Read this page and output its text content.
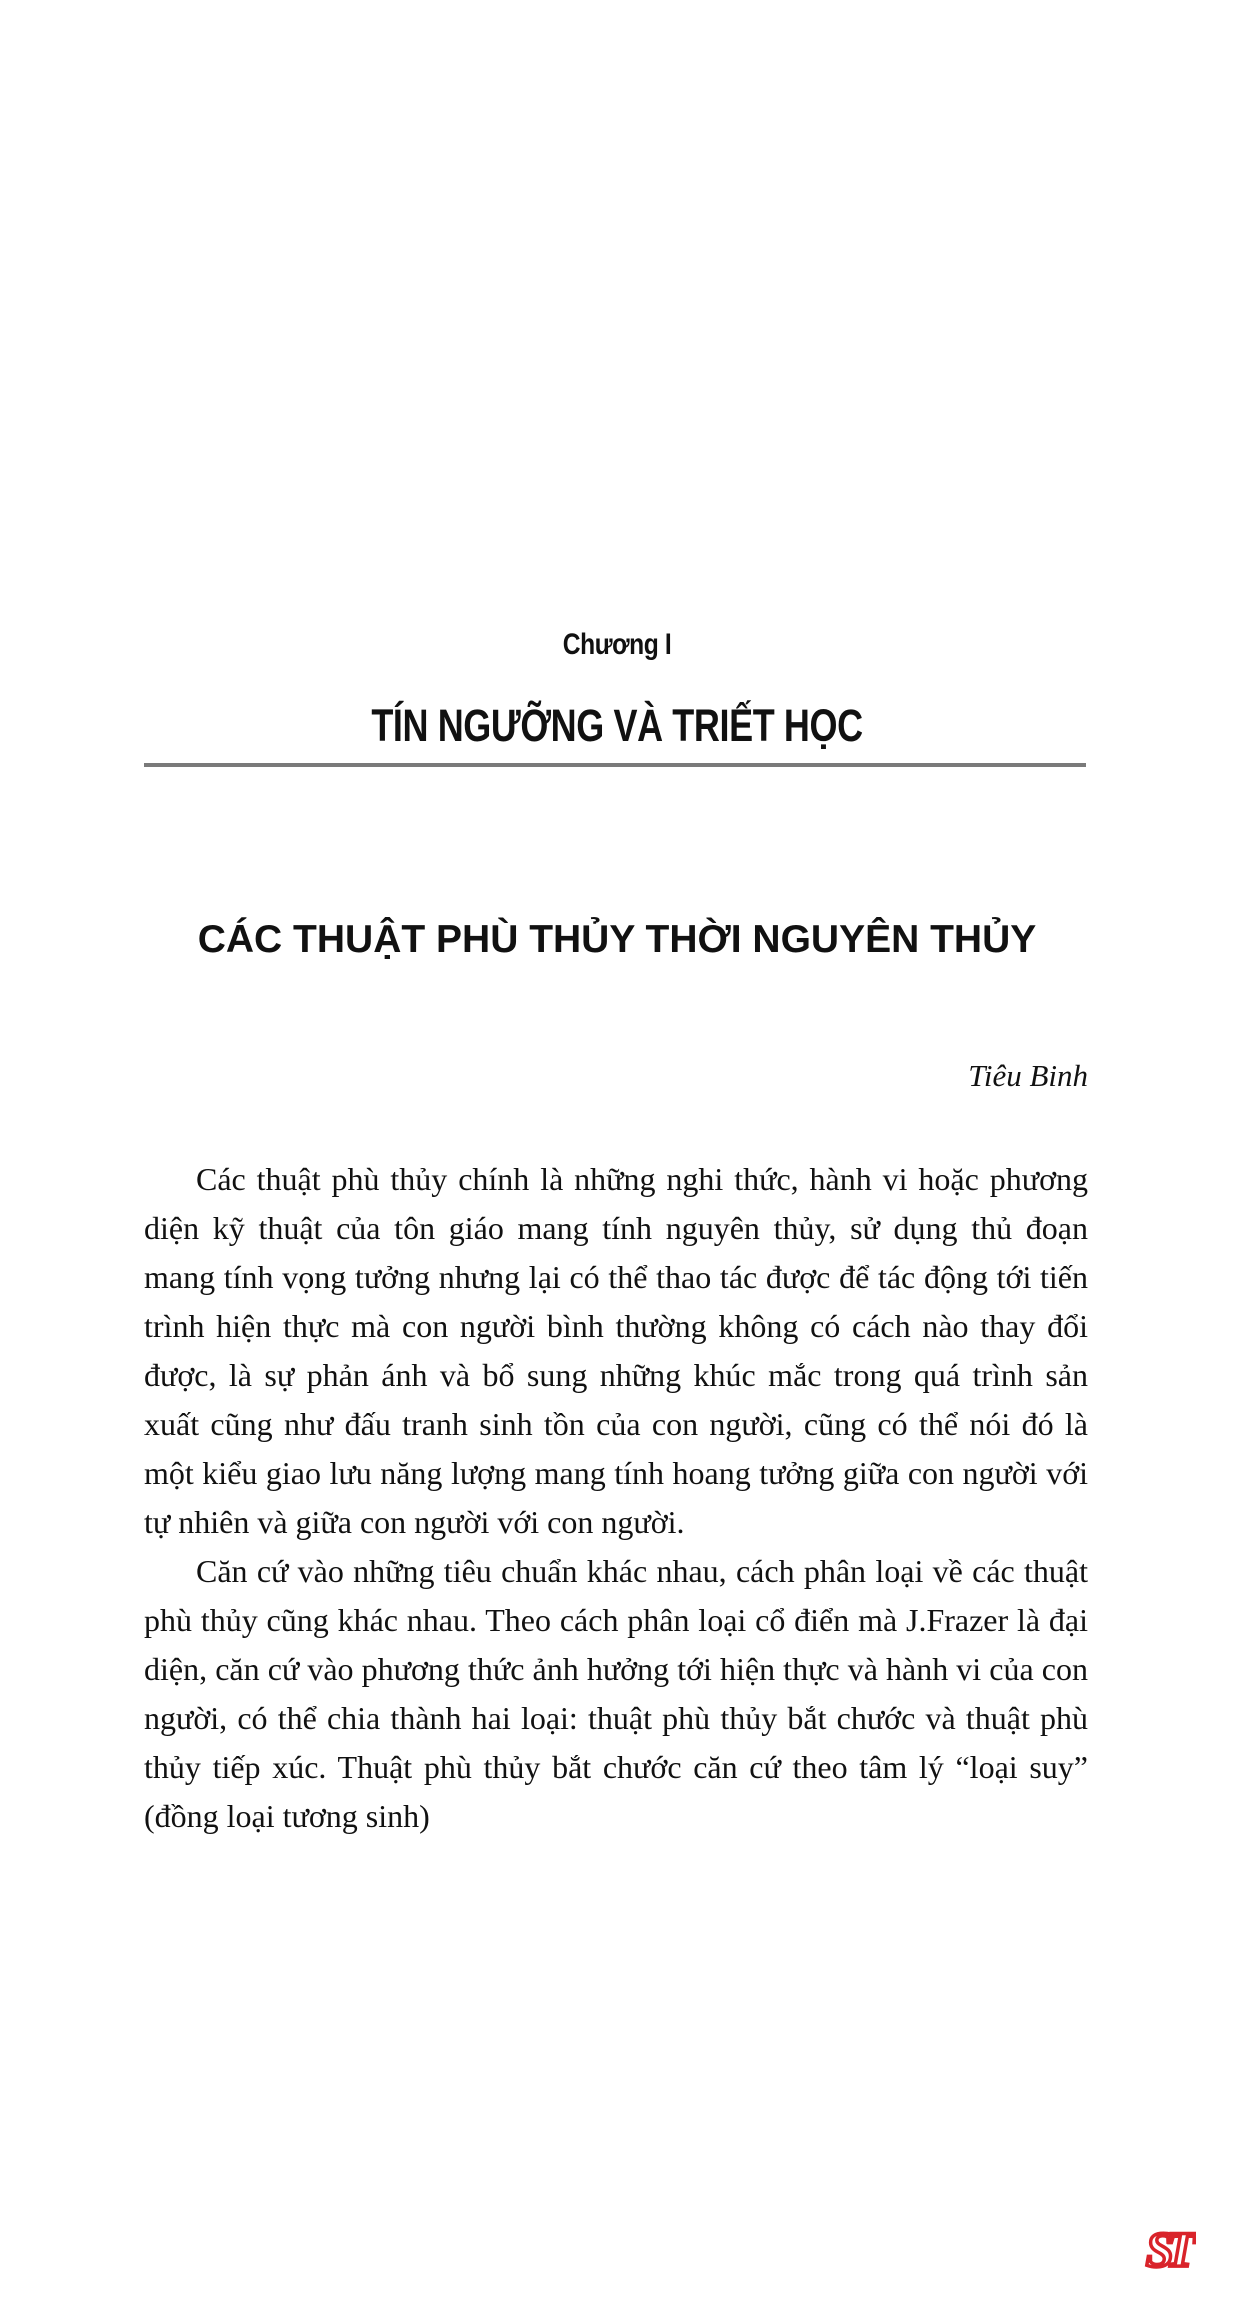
Chương I
TÍN NGƯỠNG VÀ TRIẾT HỌC
CÁC THUẬT PHÙ THỦY THỜI NGUYÊN THỦY
Tiêu Binh

Các thuật phù thủy chính là những nghi thức, hành vi hoặc phương diện kỹ thuật của tôn giáo mang tính nguyên thủy, sử dụng thủ đoạn mang tính vọng tưởng nhưng lại có thể thao tác được để tác động tới tiến trình hiện thực mà con người bình thường không có cách nào thay đổi được, là sự phản ánh và bổ sung những khúc mắc trong quá trình sản xuất cũng như đấu tranh sinh tồn của con người, cũng có thể nói đó là một kiểu giao lưu năng lượng mang tính hoang tưởng giữa con người với tự nhiên và giữa con người với con người.

Căn cứ vào những tiêu chuẩn khác nhau, cách phân loại về các thuật phù thủy cũng khác nhau. Theo cách phân loại cổ điển mà J.Frazer là đại diện, căn cứ vào phương thức ảnh hưởng tới hiện thực và hành vi của con người, có thể chia thành hai loại: thuật phù thủy bắt chước và thuật phù thủy tiếp xúc. Thuật phù thủy bắt chước căn cứ theo tâm lý “loại suy” (đồng loại tương sinh)

ST
